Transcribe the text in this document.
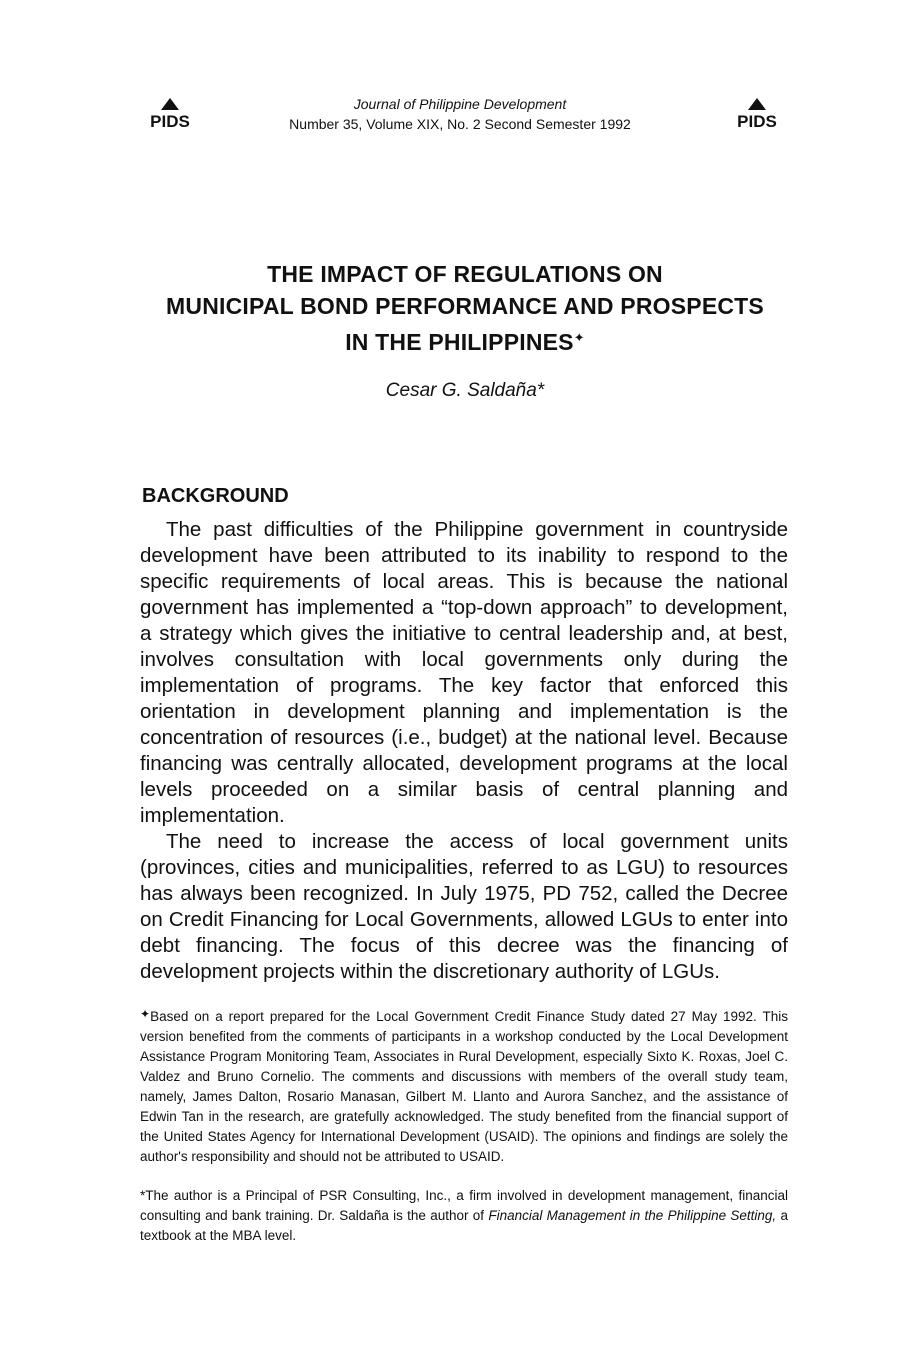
PIDS
Journal of Philippine Development
Number 35, Volume XIX, No. 2 Second Semester 1992	PIDS
THE IMPACT OF REGULATIONS ON
MUNICIPAL BOND PERFORMANCE AND PROSPECTS
IN THE PHILIPPINES✦
Cesar G. Saldaña*
BACKGROUND

The past difficulties of the Philippine government in countryside development have been attributed to its inability to respond to the specific requirements of local areas. This is because the national government has implemented a “top-down approach” to development, a strategy which gives the initiative to central leadership and, at best, involves consultation with local governments only during the implementation of programs. The key factor that enforced this orientation in development planning and implementation is the concentration of resources (i.e., budget) at the national level. Because financing was centrally allocated, development programs at the local levels proceeded on a similar basis of central planning and implementation.

The need to increase the access of local government units (provinces, cities and municipalities, referred to as LGU) to resources has always been recognized. In July 1975, PD 752, called the Decree on Credit Financing for Local Governments, allowed LGUs to enter into debt financing. The focus of this decree was the financing of development projects within the discretionary authority of LGUs.

✦Based on a report prepared for the Local Government Credit Finance Study dated 27 May 1992. This version benefited from the comments of participants in a workshop conducted by the Local Development Assistance Program Monitoring Team, Associates in Rural Development, especially Sixto K. Roxas, Joel C. Valdez and Bruno Cornelio. The comments and discussions with members of the overall study team, namely, James Dalton, Rosario Manasan, Gilbert M. Llanto and Aurora Sanchez, and the assistance of Edwin Tan in the research, are gratefully acknowledged. The study benefited from the financial support of the United States Agency for International Development (USAID). The opinions and findings are solely the author's responsibility and should not be attributed to USAID.

*The author is a Principal of PSR Consulting, Inc., a firm involved in development management, financial consulting and bank training. Dr. Saldaña is the author of Financial Management in the Philippine Setting, a textbook at the MBA level.
